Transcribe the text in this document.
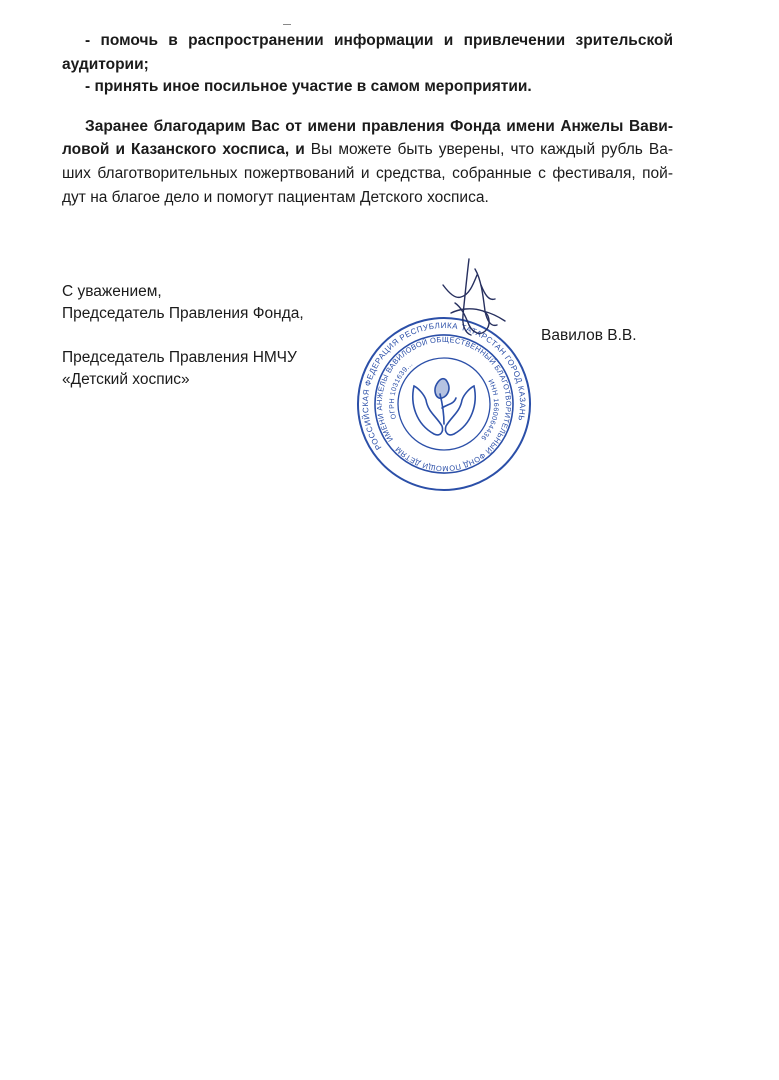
- помочь в распространении информации и привлечении зрительской
аудитории;
- принять иное посильное участие в самом мероприятии.
Заранее благодарим Вас от имени правления Фонда имени Анжелы Вави-
ловой и Казанского хосписа, и Вы можете быть уверены, что каждый рубль Ва-
ших благотворительных пожертвований и средства, собранные с фестиваля, пой-
дут на благое дело и помогут пациентам Детского хосписа.
С уважением,
Председатель Правления Фонда,
Председатель Правления НМЧУ
«Детский хоспис»
Вавилов В.В.
РОССИЙСКАЯ ФЕДЕРАЦИЯ РЕСПУБЛИКА ТАТАРСТАН ГОРОД КАЗАНЬ
ИМЕНИ АНЖЕЛЫ ВАВИЛОВОЙ ОБЩЕСТВЕННЫЙ БЛАГОТВОРИТЕЛЬНЫЙ ФОНД ПОМОЩИ ДЕТЯМ
ОГРН 1031639...
ИНН 1660064436
